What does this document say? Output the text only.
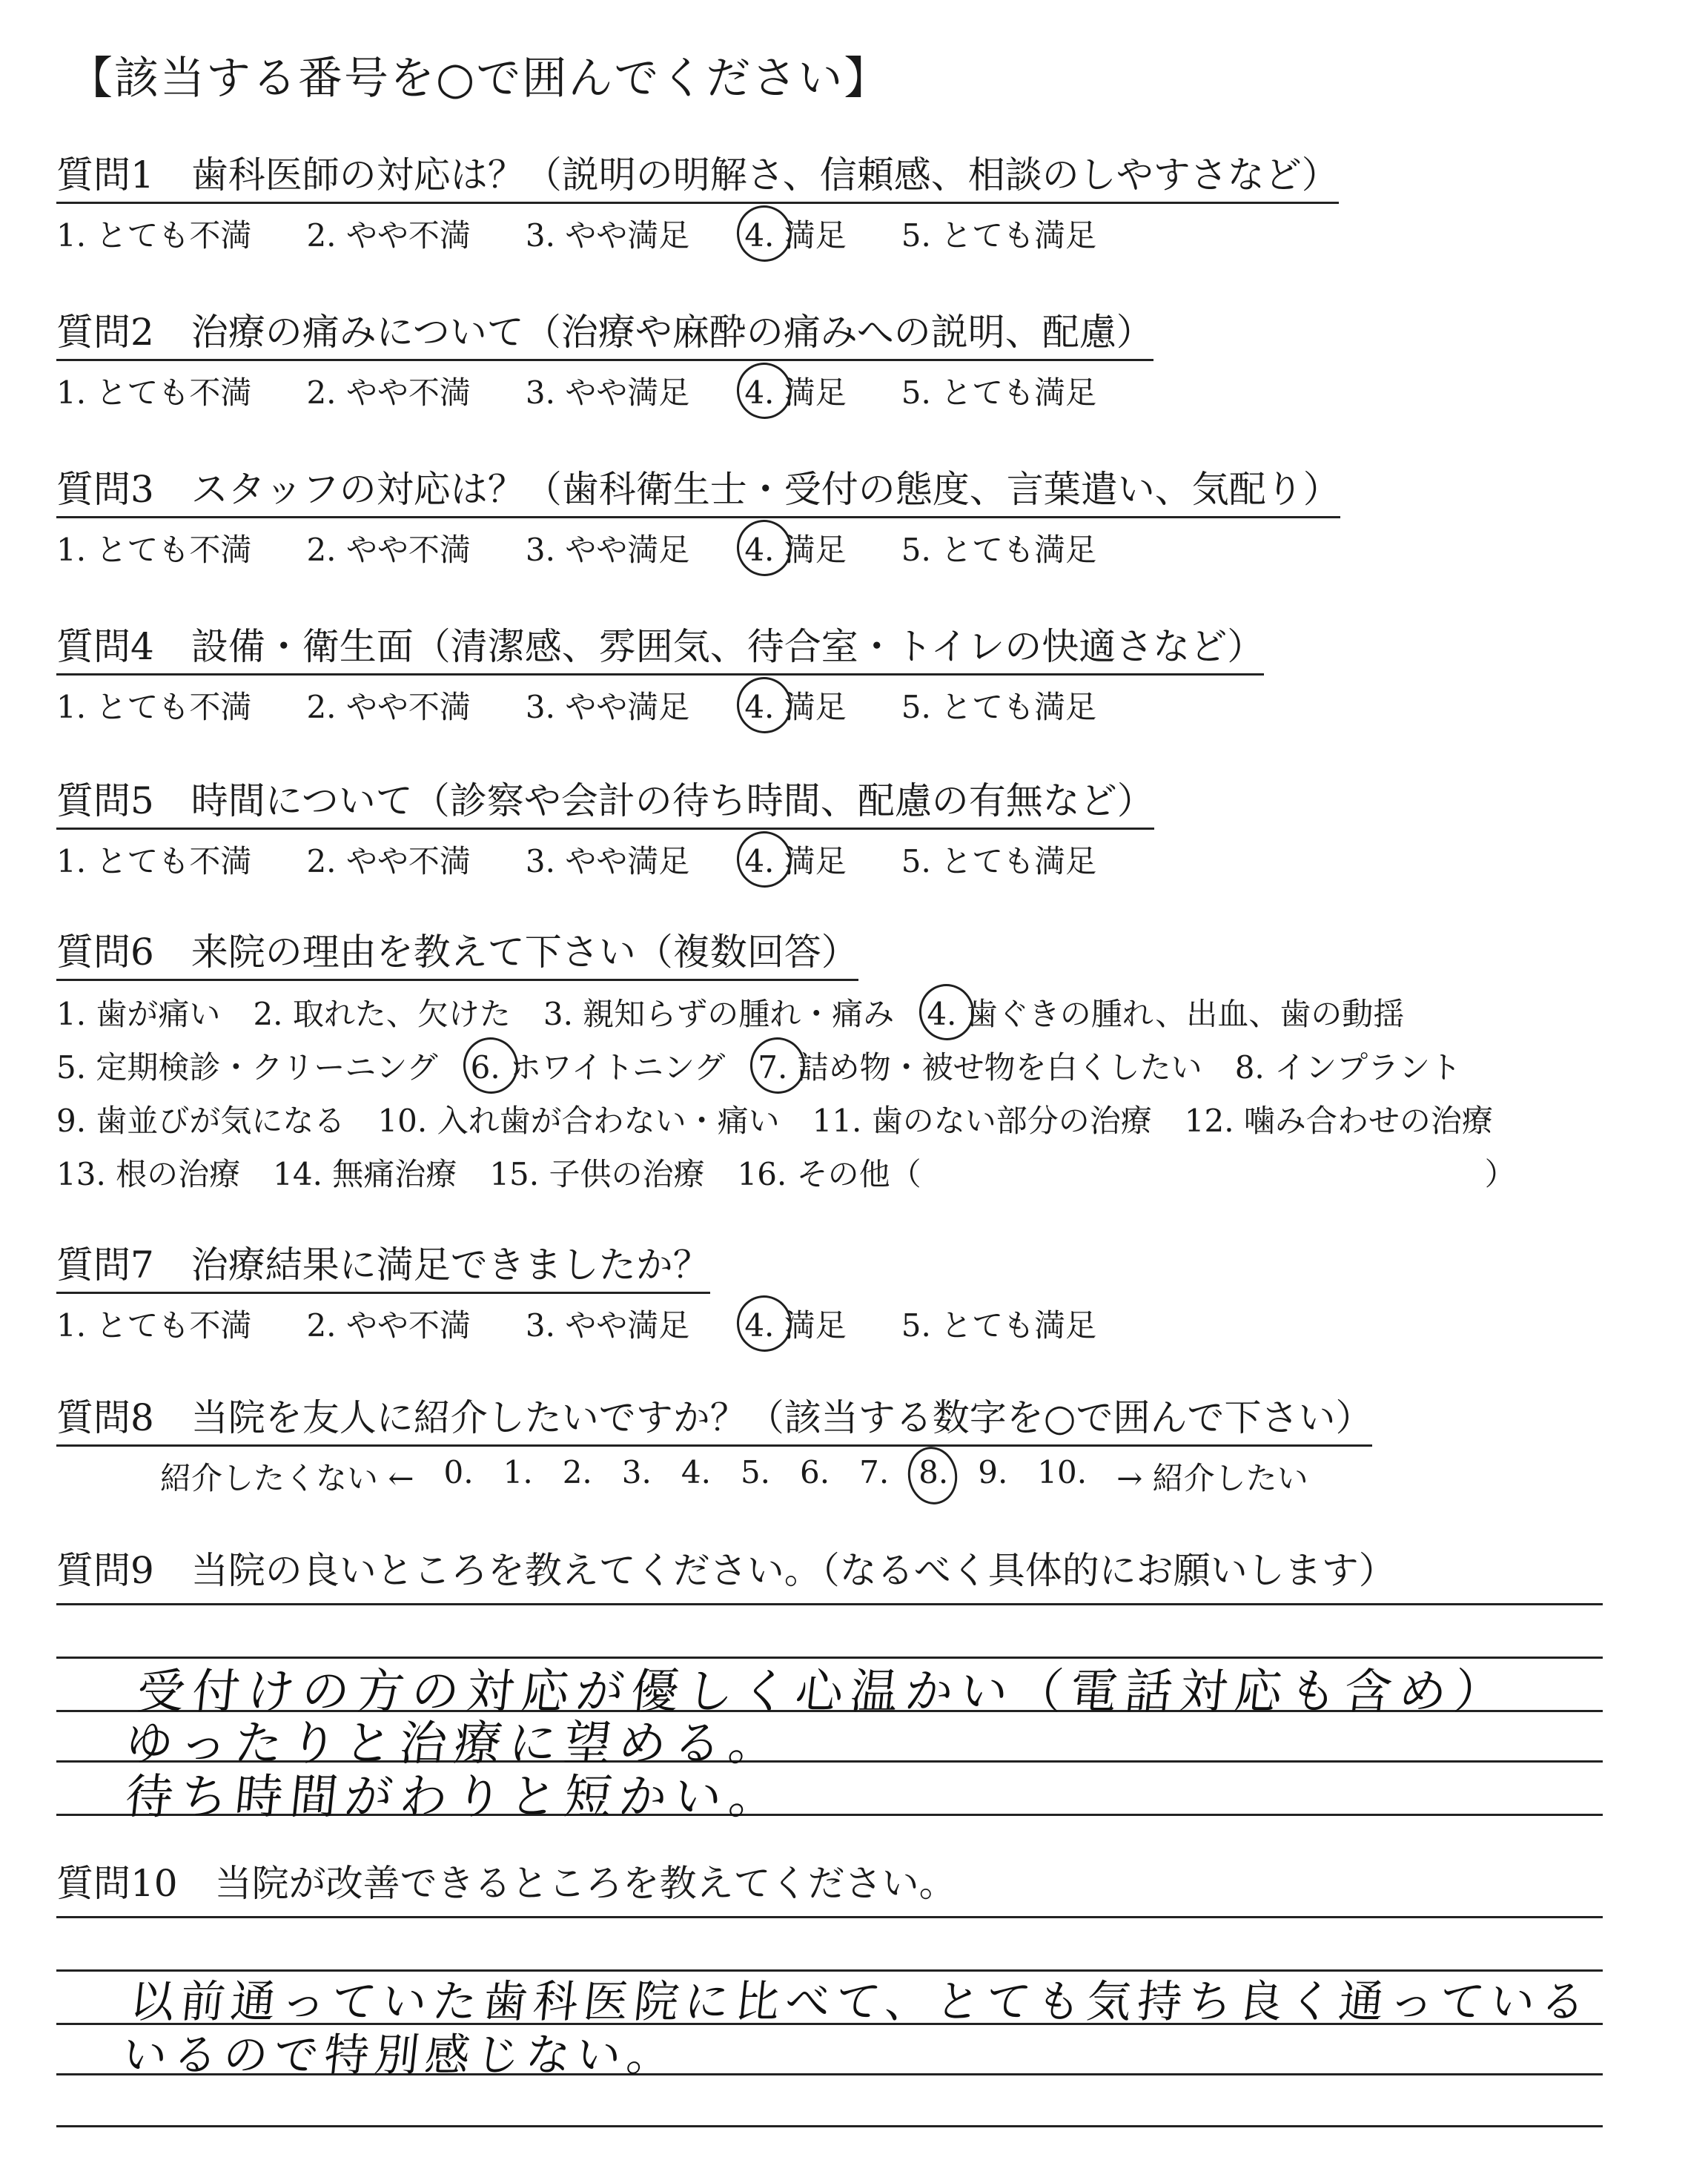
【該当する番号を○で囲んでください】
質問1　歯科医師の対応は？（説明の明解さ、信頼感、相談のしやすさなど）
1. とても不満 2. やや不満 3. やや満足 4. 満足 5. とても満足
質問2　治療の痛みについて（治療や麻酔の痛みへの説明、配慮）
1. とても不満 2. やや不満 3. やや満足 4. 満足 5. とても満足
質問3　スタッフの対応は？（歯科衛生士・受付の態度、言葉遣い、気配り）
1. とても不満 2. やや不満 3. やや満足 4. 満足 5. とても満足
質問4　設備・衛生面（清潔感、雰囲気、待合室・トイレの快適さなど）
1. とても不満 2. やや不満 3. やや満足 4. 満足 5. とても満足
質問5　時間について（診察や会計の待ち時間、配慮の有無など）
1. とても不満 2. やや不満 3. やや満足 4. 満足 5. とても満足
質問6　来院の理由を教えて下さい（複数回答）
1. 歯が痛い 2. 取れた、欠けた 3. 親知らずの腫れ・痛み 4. 歯ぐきの腫れ、出血、歯の動揺
5. 定期検診・クリーニング 6. ホワイトニング 7. 詰め物・被せ物を白くしたい 8. インプラント
9. 歯並びが気になる 10. 入れ歯が合わない・痛い 11. 歯のない部分の治療 12. 噛み合わせの治療
13. 根の治療 14. 無痛治療 15. 子供の治療 16. その他（	）
質問7　治療結果に満足できましたか？
1. とても不満 2. やや不満 3. やや満足 4. 満足 5. とても満足
質問8　当院を友人に紹介したいですか？（該当する数字を○で囲んで下さい）
紹介したくない ← 0. 1. 2. 3. 4. 5. 6. 7. 8. 9. 10. → 紹介したい
質問9　当院の良いところを教えてください。（なるべく具体的にお願いします）
受付けの方の対応が優しく心温かい（電話対応も含め）
ゆったりと治療に望める。
待ち時間がわりと短かい。
質問10　当院が改善できるところを教えてください。
以前通っていた歯科医院に比べて、とても気持ち良く通っている
いるので特別感じない。
